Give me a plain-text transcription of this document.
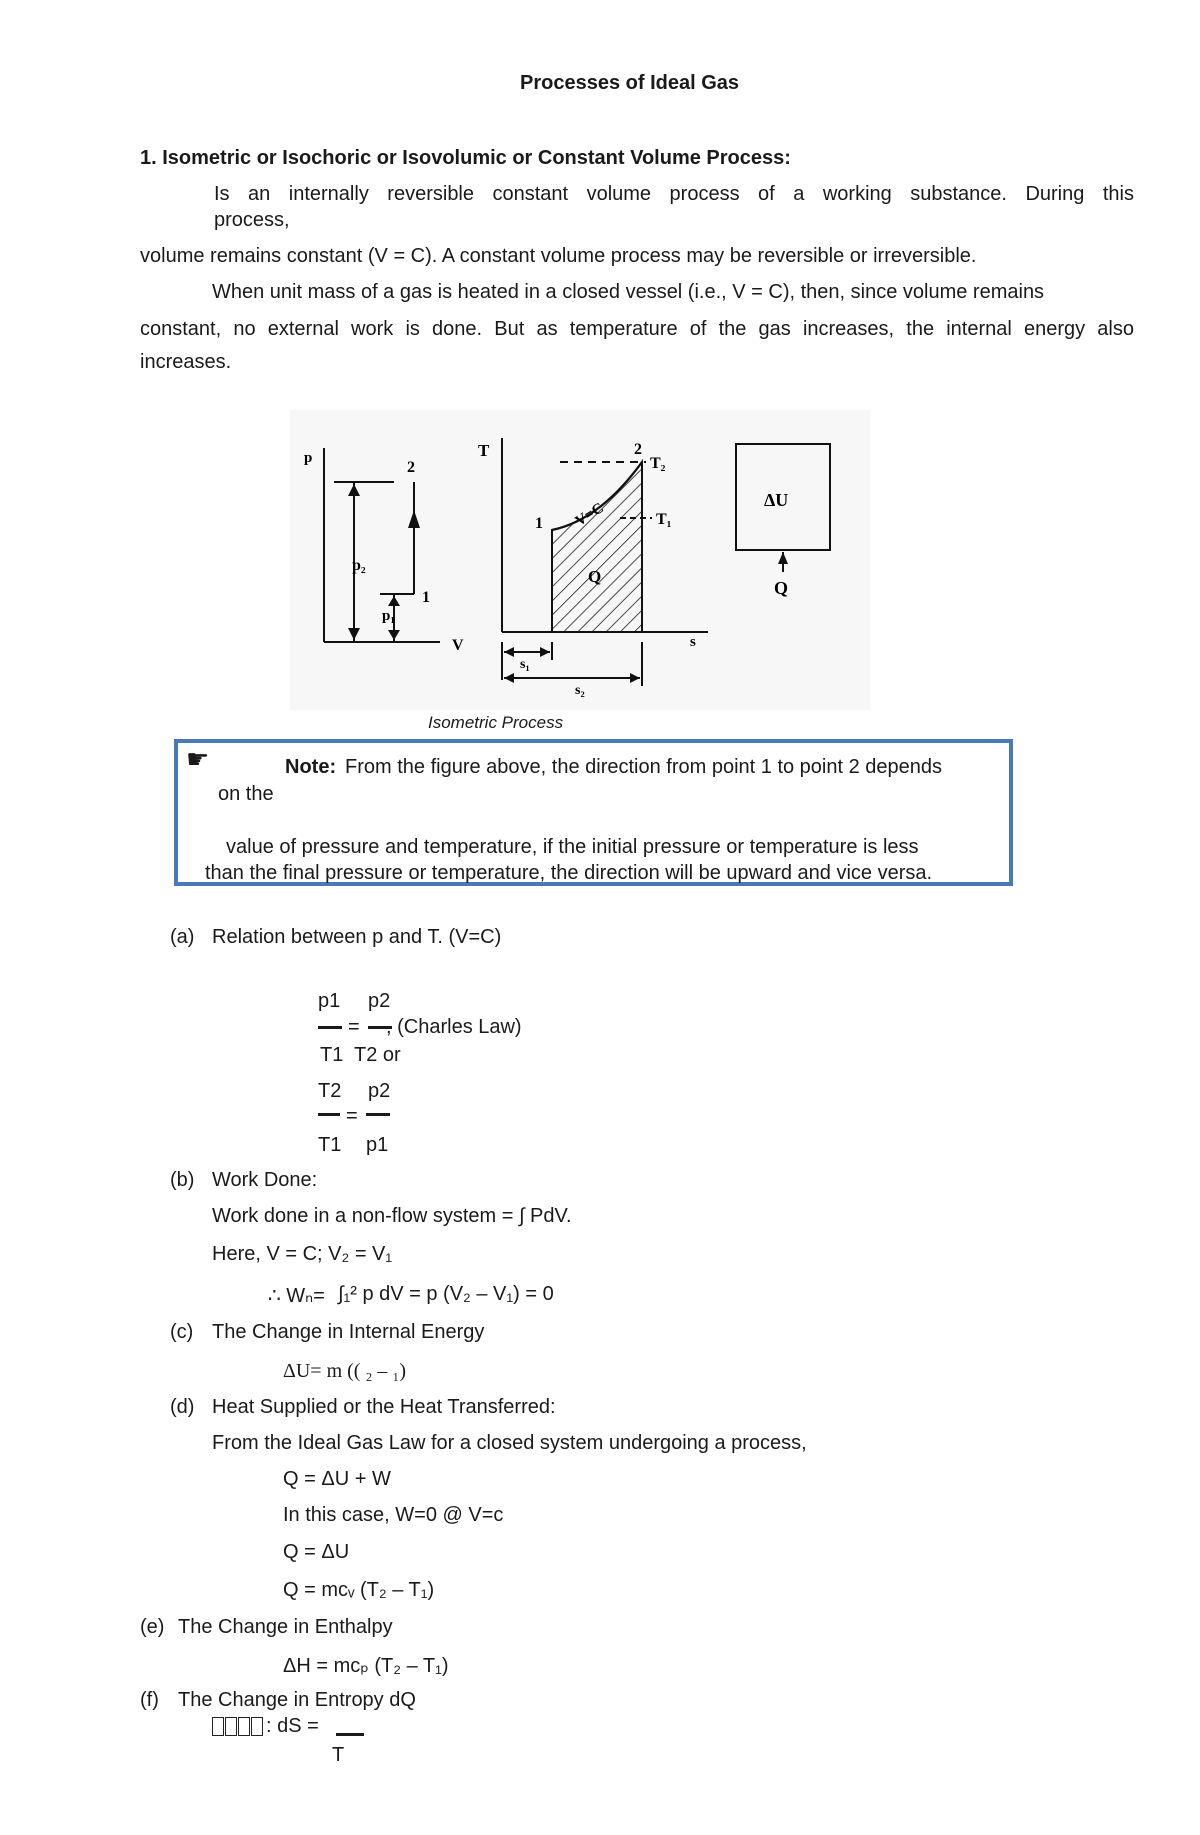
Processes of Ideal Gas
1. Isometric or Isochoric or Isovolumic or Constant Volume Process:
Is an internally reversible constant volume process of a working substance. During this
process,
volume remains constant (V = C). A constant volume process may be reversible or irreversible.
When unit mass of a gas is heated in a closed vessel (i.e., V = C), then, since volume remains
constant, no external work is done. But as temperature of the gas increases, the internal energy also
increases.
p
V
2
1
p₂
p₁
T
s
2
1
T₂
T₁
V=C
Q
s₁
s₂
ΔU
Q
Isometric Process
☛	Note: From the figure above, the direction from point 1 to point 2 depends
on the
value of pressure and temperature, if the initial pressure or temperature is less
than the final pressure or temperature, the direction will be upward and vice versa.
(a) Relation between p and T. (V=C)
p1 p2
= , (Charles Law)
T1 T2 or
T2 p2
=
T1 p1
(b) Work Done:
Work done in a non-flow system = ∫ PdV.
Here, V = C; V₂ = V₁
∴ Wₙ= ∫₁² p dV = p (V₂ – V₁) = 0
(c) The Change in Internal Energy
ΔU= m (( ₂ – ₁)
(d) Heat Supplied or the Heat Transferred:
From the Ideal Gas Law for a closed system undergoing a process,
Q = ΔU + W
In this case, W=0 @ V=c
Q = ΔU
Q = mcᵥ (T₂ – T₁)
(e) The Change in Enthalpy
ΔH = mcₚ (T₂ – T₁)
(f) The Change in Entropy dQ
: dS =
T
